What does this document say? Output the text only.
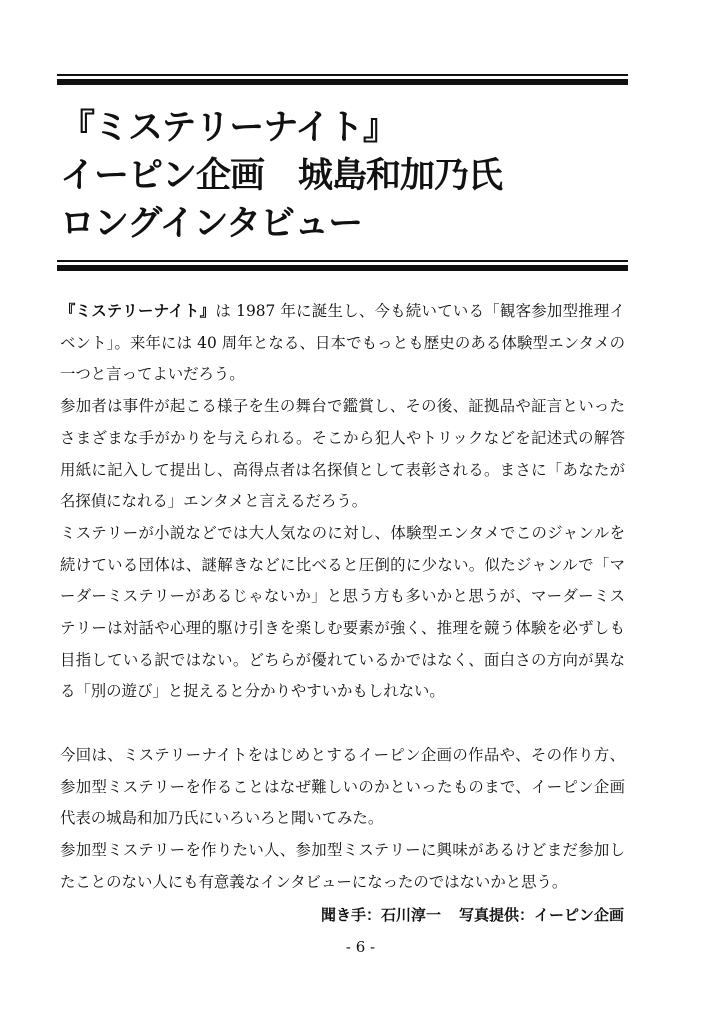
『ミステリーナイト』
イーピン企画　城島和加乃氏
ロングインタビュー

『ミステリーナイト』は 1987 年に誕生し、今も続いている「観客参加型推理イベント」。来年には 40 周年となる、日本でもっとも歴史のある体験型エンタメの一つと言ってよいだろう。

参加者は事件が起こる様子を生の舞台で鑑賞し、その後、証拠品や証言といったさまざまな手がかりを与えられる。そこから犯人やトリックなどを記述式の解答用紙に記入して提出し、高得点者は名探偵として表彰される。まさに「あなたが名探偵になれる」エンタメと言えるだろう。

ミステリーが小説などでは大人気なのに対し、体験型エンタメでこのジャンルを続けている団体は、謎解きなどに比べると圧倒的に少ない。似たジャンルで「マーダーミステリーがあるじゃないか」と思う方も多いかと思うが、マーダーミステリーは対話や心理的駆け引きを楽しむ要素が強く、推理を競う体験を必ずしも目指している訳ではない。どちらが優れているかではなく、面白さの方向が異なる「別の遊び」と捉えると分かりやすいかもしれない。

今回は、ミステリーナイトをはじめとするイーピン企画の作品や、その作り方、参加型ミステリーを作ることはなぜ難しいのかといったものまで、イーピン企画代表の城島和加乃氏にいろいろと聞いてみた。

参加型ミステリーを作りたい人、参加型ミステリーに興味があるけどまだ参加したことのない人にも有意義なインタビューになったのではないかと思う。

聞き手：石川淳一 写真提供：イーピン企画
- 6 -
